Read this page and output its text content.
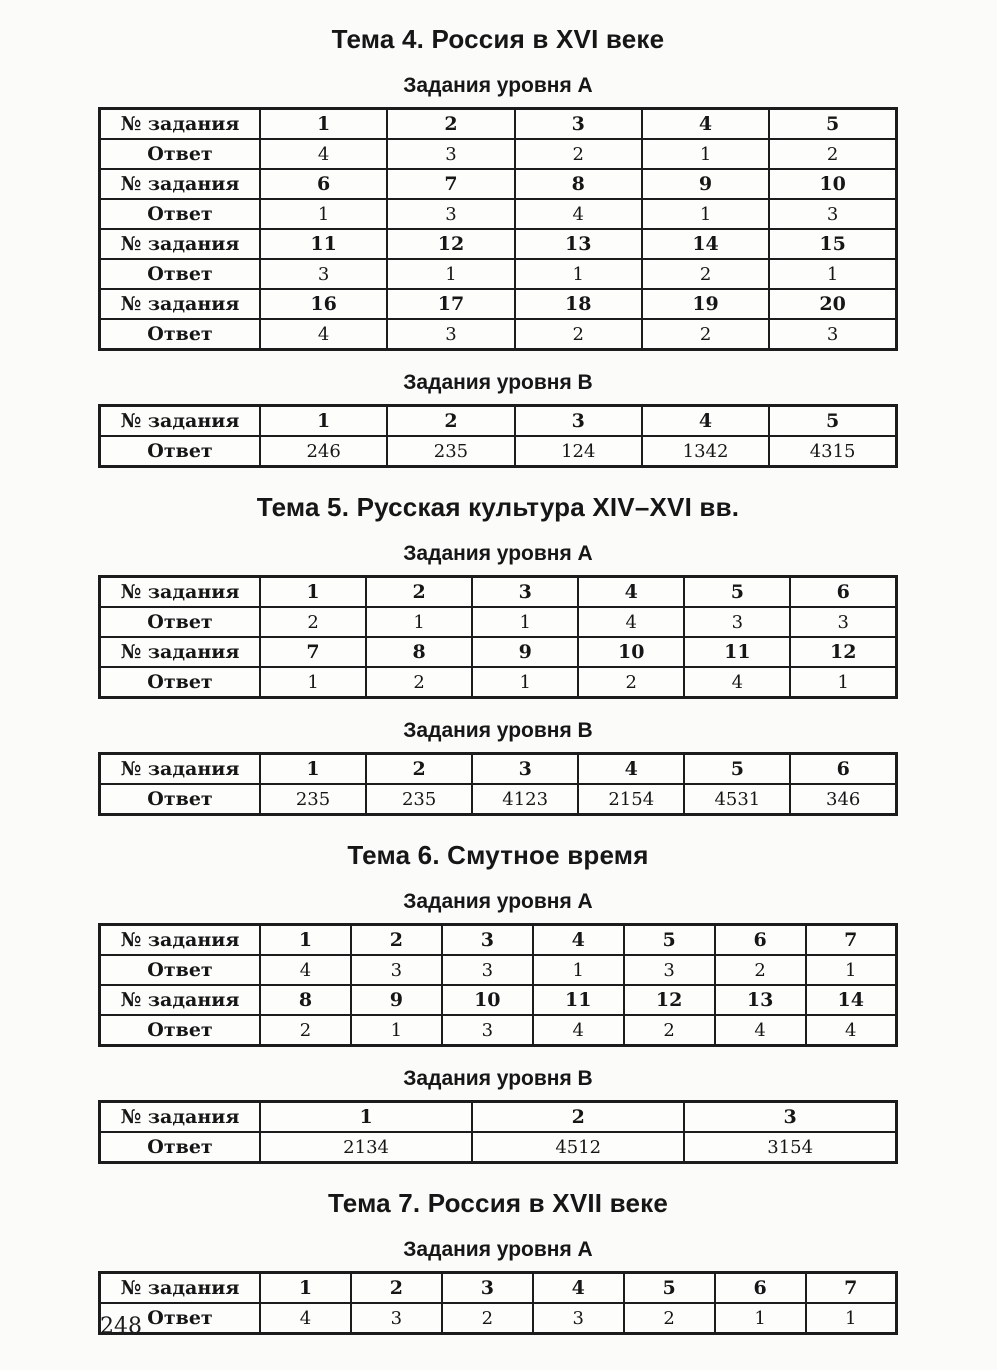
Тема 4. Россия в XVI веке
Задания уровня А
№ задания	1	2	3	4	5
Ответ	4	3	2	1	2
№ задания	6	7	8	9	10
Ответ	1	3	4	1	3
№ задания	11	12	13	14	15
Ответ	3	1	1	2	1
№ задания	16	17	18	19	20
Ответ	4	3	2	2	3
Задания уровня В
№ задания	1	2	3	4	5
Ответ	246	235	124	1342	4315
Тема 5. Русская культура XIV–XVI вв.
Задания уровня А
№ задания	1	2	3	4	5	6
Ответ	2	1	1	4	3	3
№ задания	7	8	9	10	11	12
Ответ	1	2	1	2	4	1
Задания уровня В
№ задания	1	2	3	4	5	6
Ответ	235	235	4123	2154	4531	346
Тема 6. Смутное время
Задания уровня А
№ задания	1	2	3	4	5	6	7
Ответ	4	3	3	1	3	2	1
№ задания	8	9	10	11	12	13	14
Ответ	2	1	3	4	2	4	4
Задания уровня В
№ задания	1	2	3
Ответ	2134	4512	3154
Тема 7. Россия в XVII веке
Задания уровня А
№ задания	1	2	3	4	5	6	7
Ответ	4	3	2	3	2	1	1
248
